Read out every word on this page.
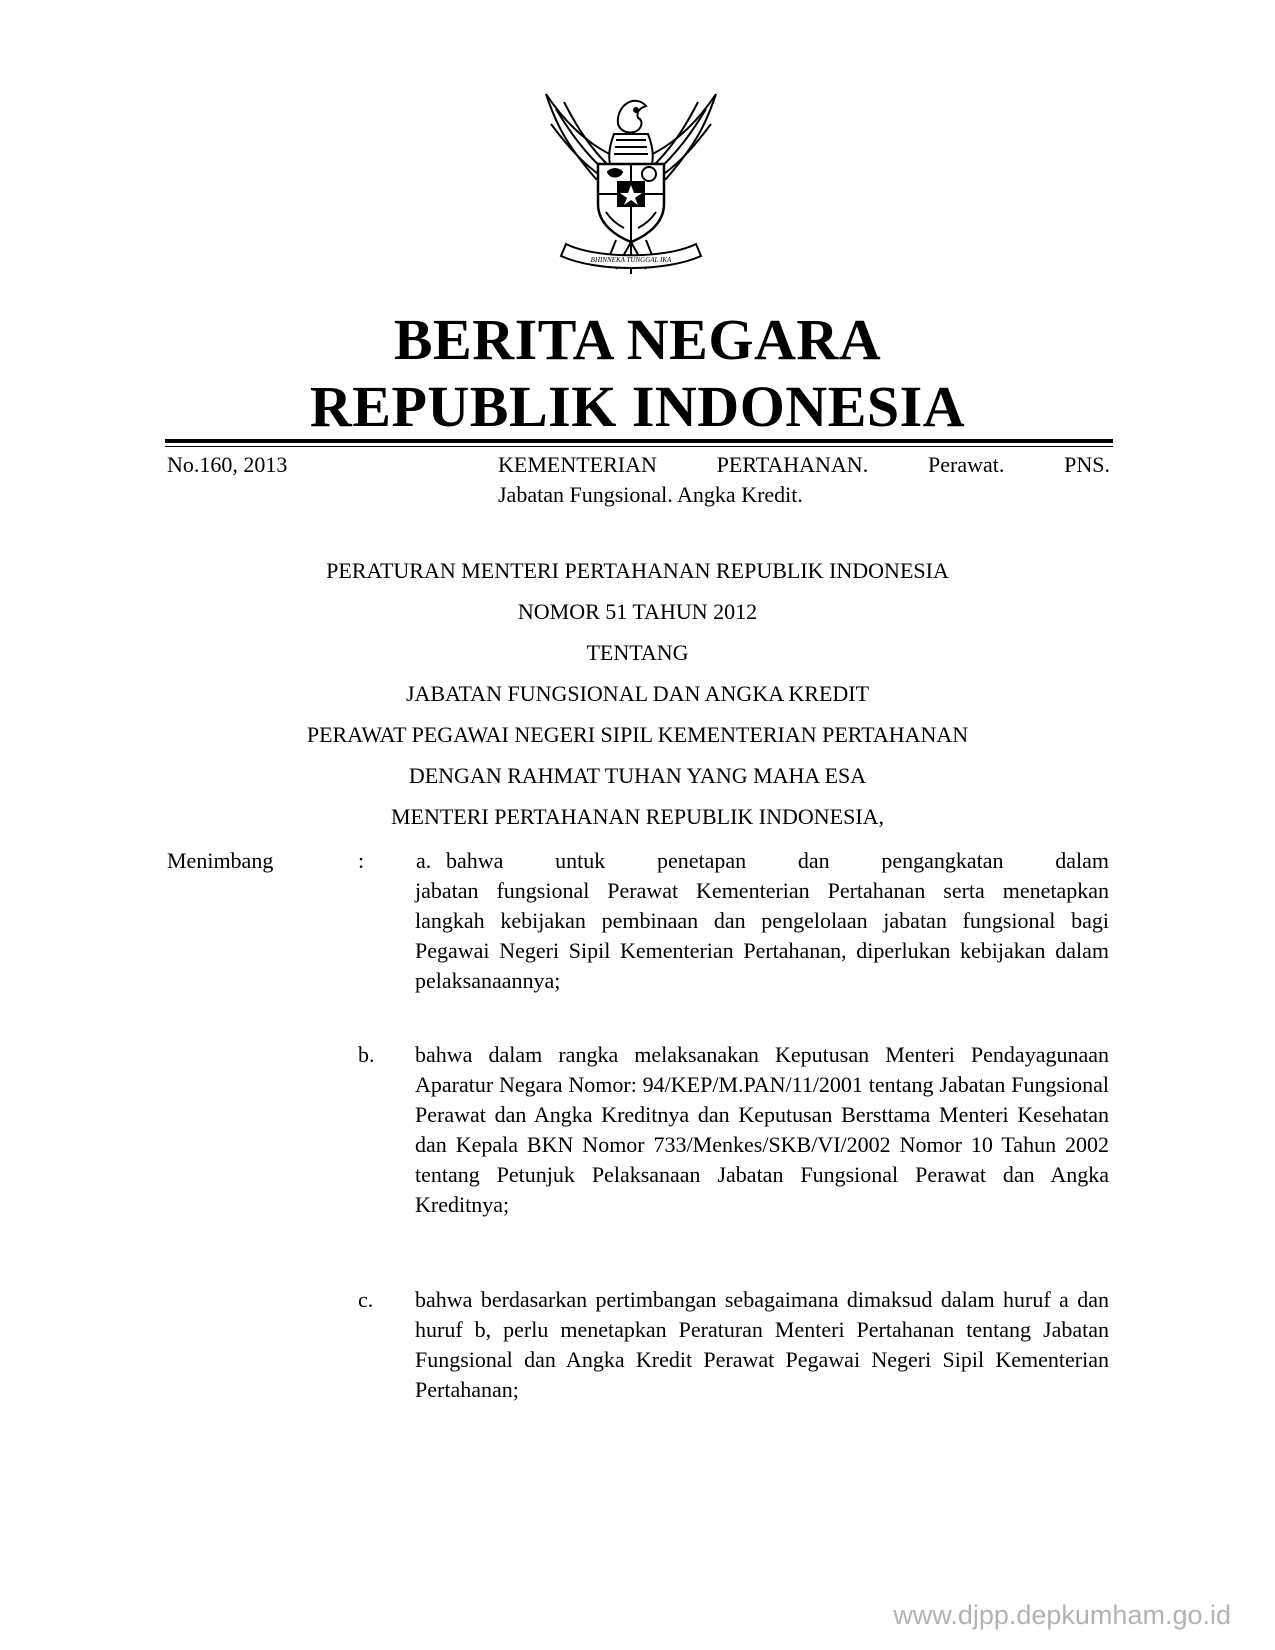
BHINNEKA TUNGGAL IKA
BERITA NEGARA
REPUBLIK INDONESIA
No.160, 2013	KEMENTERIAN PERTAHANAN. Perawat. PNS.
Jabatan Fungsional. Angka Kredit.
PERATURAN MENTERI PERTAHANAN REPUBLIK INDONESIA
NOMOR 51 TAHUN 2012
TENTANG
JABATAN FUNGSIONAL DAN ANGKA KREDIT
PERAWAT PEGAWAI NEGERI SIPIL KEMENTERIAN PERTAHANAN
DENGAN RAHMAT TUHAN YANG MAHA ESA
MENTERI PERTAHANAN REPUBLIK INDONESIA,
Menimbang	: a. bahwa untuk penetapan dan pengangkatan dalam
jabatan fungsional Perawat Kementerian Pertahanan serta menetapkan langkah kebijakan pembinaan dan pengelolaan jabatan fungsional bagi Pegawai Negeri Sipil Kementerian Pertahanan, diperlukan kebijakan dalam pelaksanaannya;
b. bahwa dalam rangka melaksanakan Keputusan Menteri Pendayagunaan Aparatur Negara Nomor: 94/KEP/M.PAN/11/2001 tentang Jabatan Fungsional Perawat dan Angka Kreditnya dan Keputusan Bersttama Menteri Kesehatan dan Kepala BKN Nomor 733/Menkes/SKB/VI/2002 Nomor 10 Tahun 2002 tentang Petunjuk Pelaksanaan Jabatan Fungsional Perawat dan Angka Kreditnya;
c. bahwa berdasarkan pertimbangan sebagaimana dimaksud dalam huruf a dan huruf b, perlu menetapkan Peraturan Menteri Pertahanan tentang Jabatan Fungsional dan Angka Kredit Perawat Pegawai Negeri Sipil Kementerian Pertahanan;
www.djpp.depkumham.go.id
